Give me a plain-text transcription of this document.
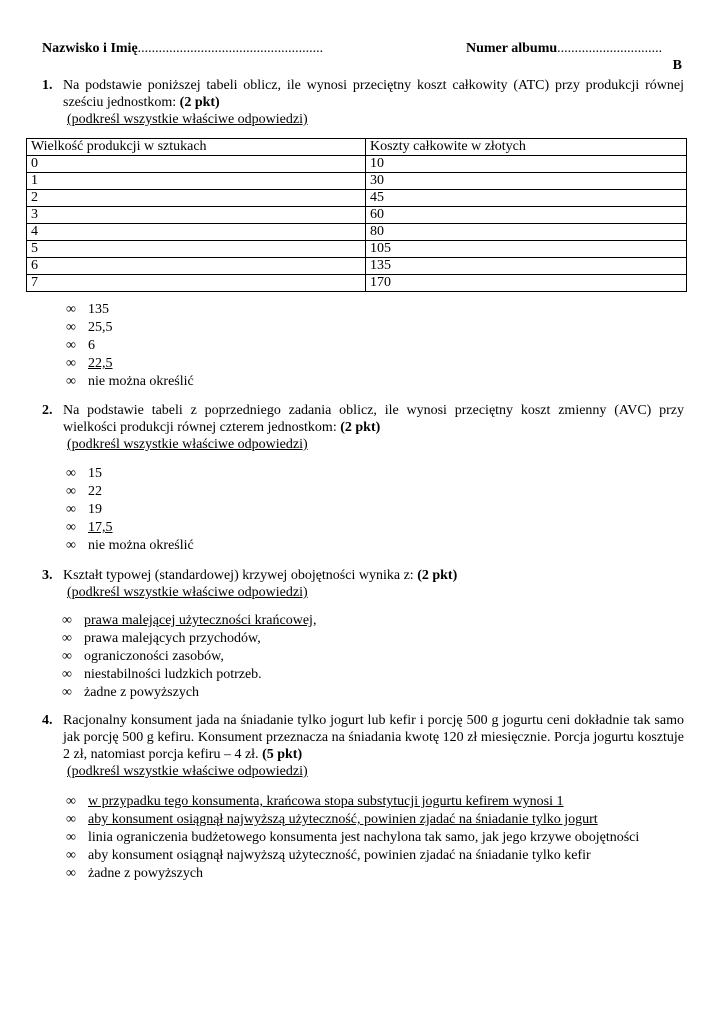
Nazwisko i Imię.....................................................	Numer albumu..............................
B
1. Na podstawie poniższej tabeli oblicz, ile wynosi przeciętny koszt całkowity (ATC) przy produkcji równej sześciu jednostkom: (2 pkt)
(podkreśl wszystkie właściwe odpowiedzi)
Wielkość produkcji w sztukach	Koszty całkowite w złotych
0	10
1	30
2	45
3	60
4	80
5	105
6	135
7	170
∞ 135
∞ 25,5
∞ 6
∞ 22,5
∞ nie można określić
2. Na podstawie tabeli z poprzedniego zadania oblicz, ile wynosi przeciętny koszt zmienny (AVC) przy wielkości produkcji równej czterem jednostkom: (2 pkt)
(podkreśl wszystkie właściwe odpowiedzi)
∞ 15
∞ 22
∞ 19
∞ 17,5
∞ nie można określić
3. Kształt typowej (standardowej) krzywej obojętności wynika z: (2 pkt)
(podkreśl wszystkie właściwe odpowiedzi)
∞ prawa malejącej użyteczności krańcowej,
∞ prawa malejących przychodów,
∞ ograniczoności zasobów,
∞ niestabilności ludzkich potrzeb.
∞ żadne z powyższych
4. Racjonalny konsument jada na śniadanie tylko jogurt lub kefir i porcję 500 g jogurtu ceni dokładnie tak samo jak porcję 500 g kefiru. Konsument przeznacza na śniadania kwotę 120 zł miesięcznie. Porcja jogurtu kosztuje 2 zł, natomiast porcja kefiru – 4 zł. (5 pkt)
(podkreśl wszystkie właściwe odpowiedzi)
∞ w przypadku tego konsumenta, krańcowa stopa substytucji jogurtu kefirem wynosi 1
∞ aby konsument osiągnął najwyższą użyteczność, powinien zjadać na śniadanie tylko jogurt
∞ linia ograniczenia budżetowego konsumenta jest nachylona tak samo, jak jego krzywe obojętności
∞ aby konsument osiągnął najwyższą użyteczność, powinien zjadać na śniadanie tylko kefir
∞ żadne z powyższych
